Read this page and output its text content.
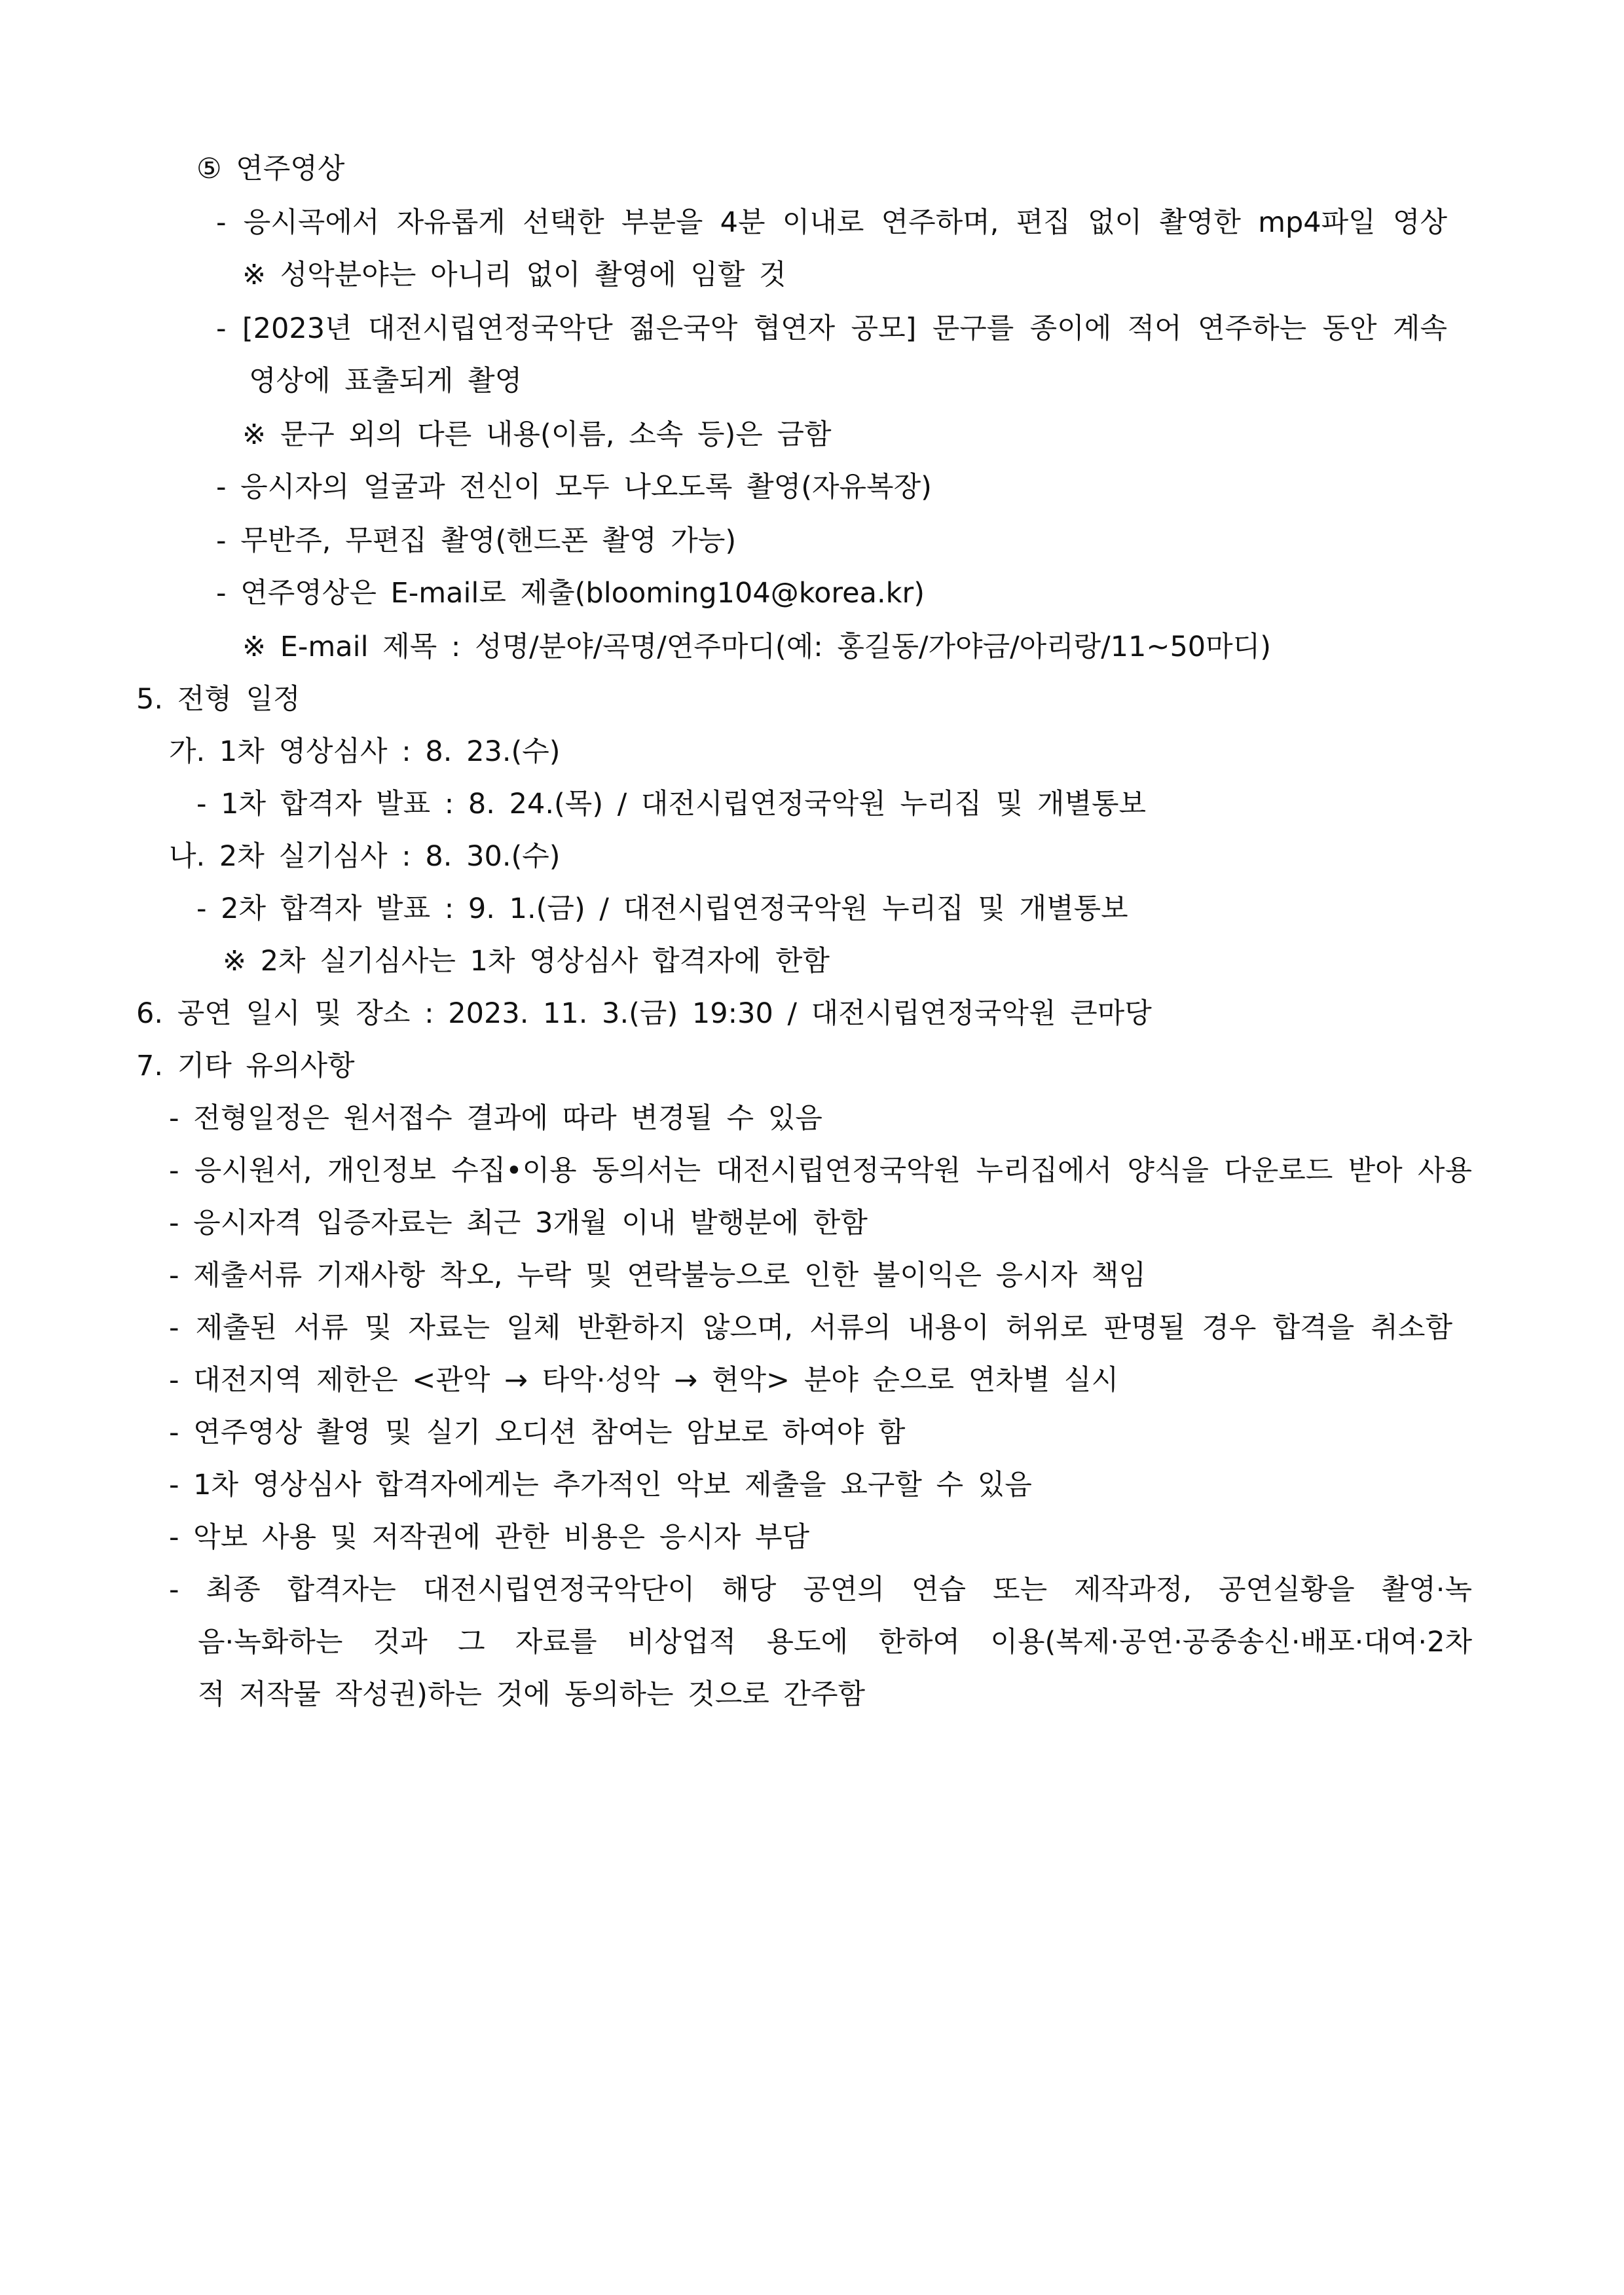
⑤ 연주영상
- 응시곡에서 자유롭게 선택한 부분을 4분 이내로 연주하며, 편집 없이 촬영한 mp4파일 영상
※ 성악분야는 아니리 없이 촬영에 임할 것
- [2023년 대전시립연정국악단 젊은국악 협연자 공모] 문구를 종이에 적어 연주하는 동안 계속
영상에 표출되게 촬영
※ 문구 외의 다른 내용(이름, 소속 등)은 금함
- 응시자의 얼굴과 전신이 모두 나오도록 촬영(자유복장)
- 무반주, 무편집 촬영(핸드폰 촬영 가능)
- 연주영상은 E-mail로 제출(blooming104@korea.kr)
※ E-mail 제목 : 성명/분야/곡명/연주마디(예: 홍길동/가야금/아리랑/11~50마디)
5. 전형 일정
가. 1차 영상심사 : 8. 23.(수)
- 1차 합격자 발표 : 8. 24.(목) / 대전시립연정국악원 누리집 및 개별통보
나. 2차 실기심사 : 8. 30.(수)
- 2차 합격자 발표 : 9. 1.(금) / 대전시립연정국악원 누리집 및 개별통보
※ 2차 실기심사는 1차 영상심사 합격자에 한함
6. 공연 일시 및 장소 : 2023. 11. 3.(금) 19:30 / 대전시립연정국악원 큰마당
7. 기타 유의사항
- 전형일정은 원서접수 결과에 따라 변경될 수 있음
- 응시원서, 개인정보 수집•이용 동의서는 대전시립연정국악원 누리집에서 양식을 다운로드 받아 사용
- 응시자격 입증자료는 최근 3개월 이내 발행분에 한함
- 제출서류 기재사항 착오, 누락 및 연락불능으로 인한 불이익은 응시자 책임
- 제출된 서류 및 자료는 일체 반환하지 않으며, 서류의 내용이 허위로 판명될 경우 합격을 취소함
- 대전지역 제한은 <관악 → 타악·성악 → 현악> 분야 순으로 연차별 실시
- 연주영상 촬영 및 실기 오디션 참여는 암보로 하여야 함
- 1차 영상심사 합격자에게는 추가적인 악보 제출을 요구할 수 있음
- 악보 사용 및 저작권에 관한 비용은 응시자 부담
- 최종 합격자는 대전시립연정국악단이 해당 공연의 연습 또는 제작과정, 공연실황을 촬영·녹
음·녹화하는 것과 그 자료를 비상업적 용도에 한하여 이용(복제·공연·공중송신·배포·대여·2차
적 저작물 작성권)하는 것에 동의하는 것으로 간주함
